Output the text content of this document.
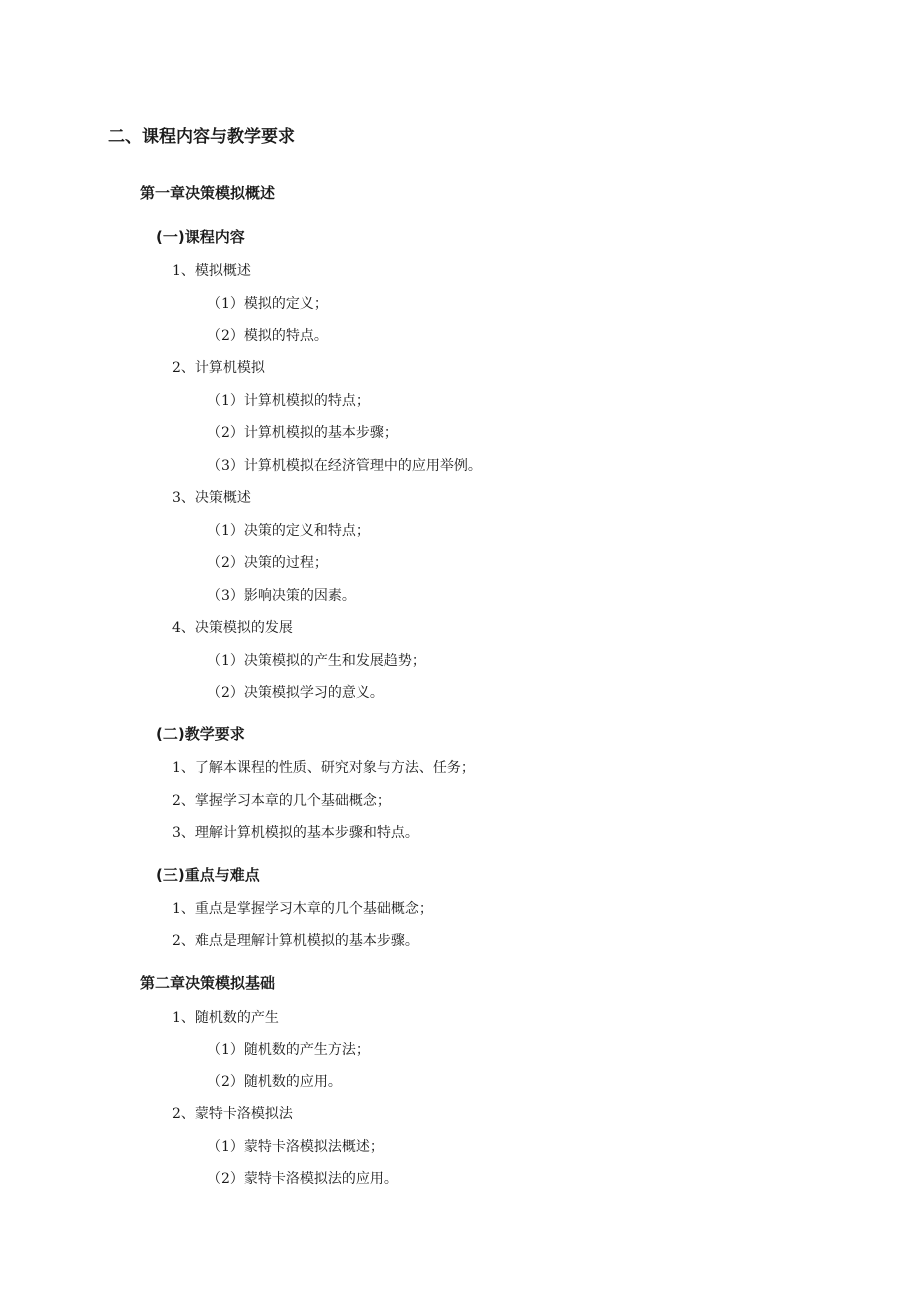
二、课程内容与教学要求
第一章决策模拟概述
(一)课程内容
1、模拟概述
（1）模拟的定义；
（2）模拟的特点。
2、计算机模拟
（1）计算机模拟的特点；
（2）计算机模拟的基本步骤；
（3）计算机模拟在经济管理中的应用举例。
3、决策概述
（1）决策的定义和特点；
（2）决策的过程；
（3）影响决策的因素。
4、决策模拟的发展
（1）决策模拟的产生和发展趋势；
（2）决策模拟学习的意义。
(二)教学要求
1、了解本课程的性质、研究对象与方法、任务；
2、掌握学习本章的几个基础概念；
3、理解计算机模拟的基本步骤和特点。
(三)重点与难点
1、重点是掌握学习木章的几个基础概念；
2、难点是理解计算机模拟的基本步骤。
第二章决策模拟基础
1、随机数的产生
（1）随机数的产生方法；
（2）随机数的应用。
2、蒙特卡洛模拟法
（1）蒙特卡洛模拟法概述；
（2）蒙特卡洛模拟法的应用。
